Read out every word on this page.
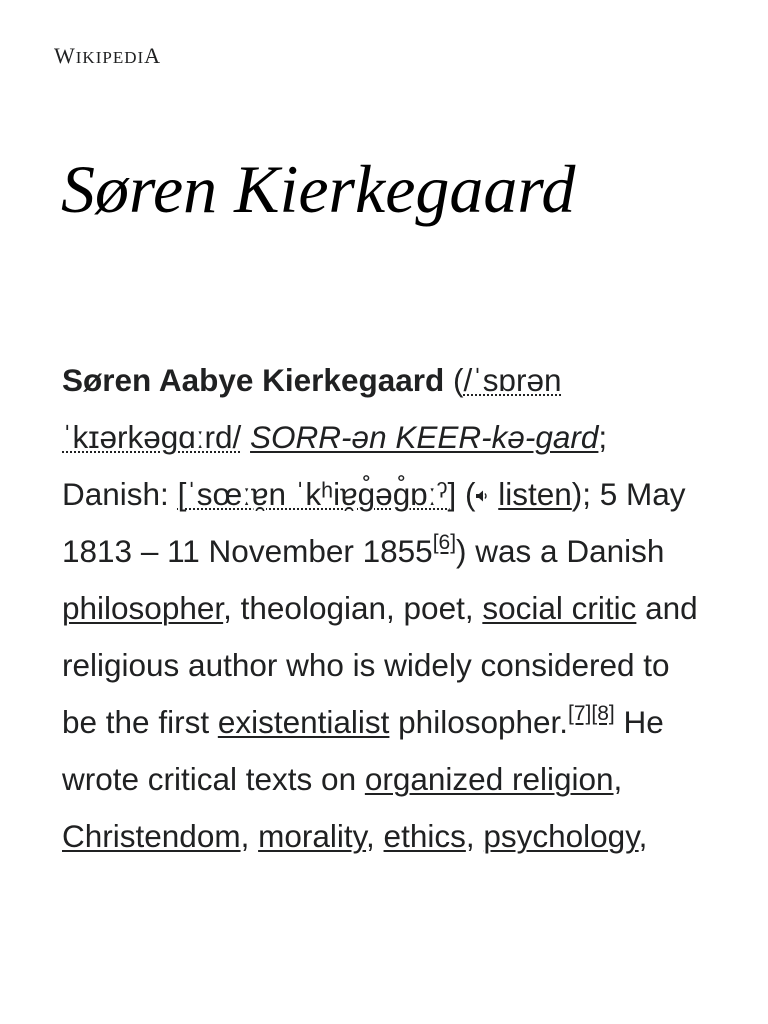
WIKIPEDIA
Søren Kierkegaard

Søren Aabye Kierkegaard (/ˈsɒrən ˈkɪərkəɡɑːrd/ SORR-ən KEER-kə-gard; Danish: [ˈsœːɐ̯n ˈkʰiɐ̯ɡ̊əɡ̊ɒːˀ] ( listen); 5 May 1813 – 11 November 1855[6]) was a Danish philosopher, theologian, poet, social critic and religious author who is widely considered to be the first existentialist philosopher.[7][8] He wrote critical texts on organized religion, Christendom, morality, ethics, psychology,
